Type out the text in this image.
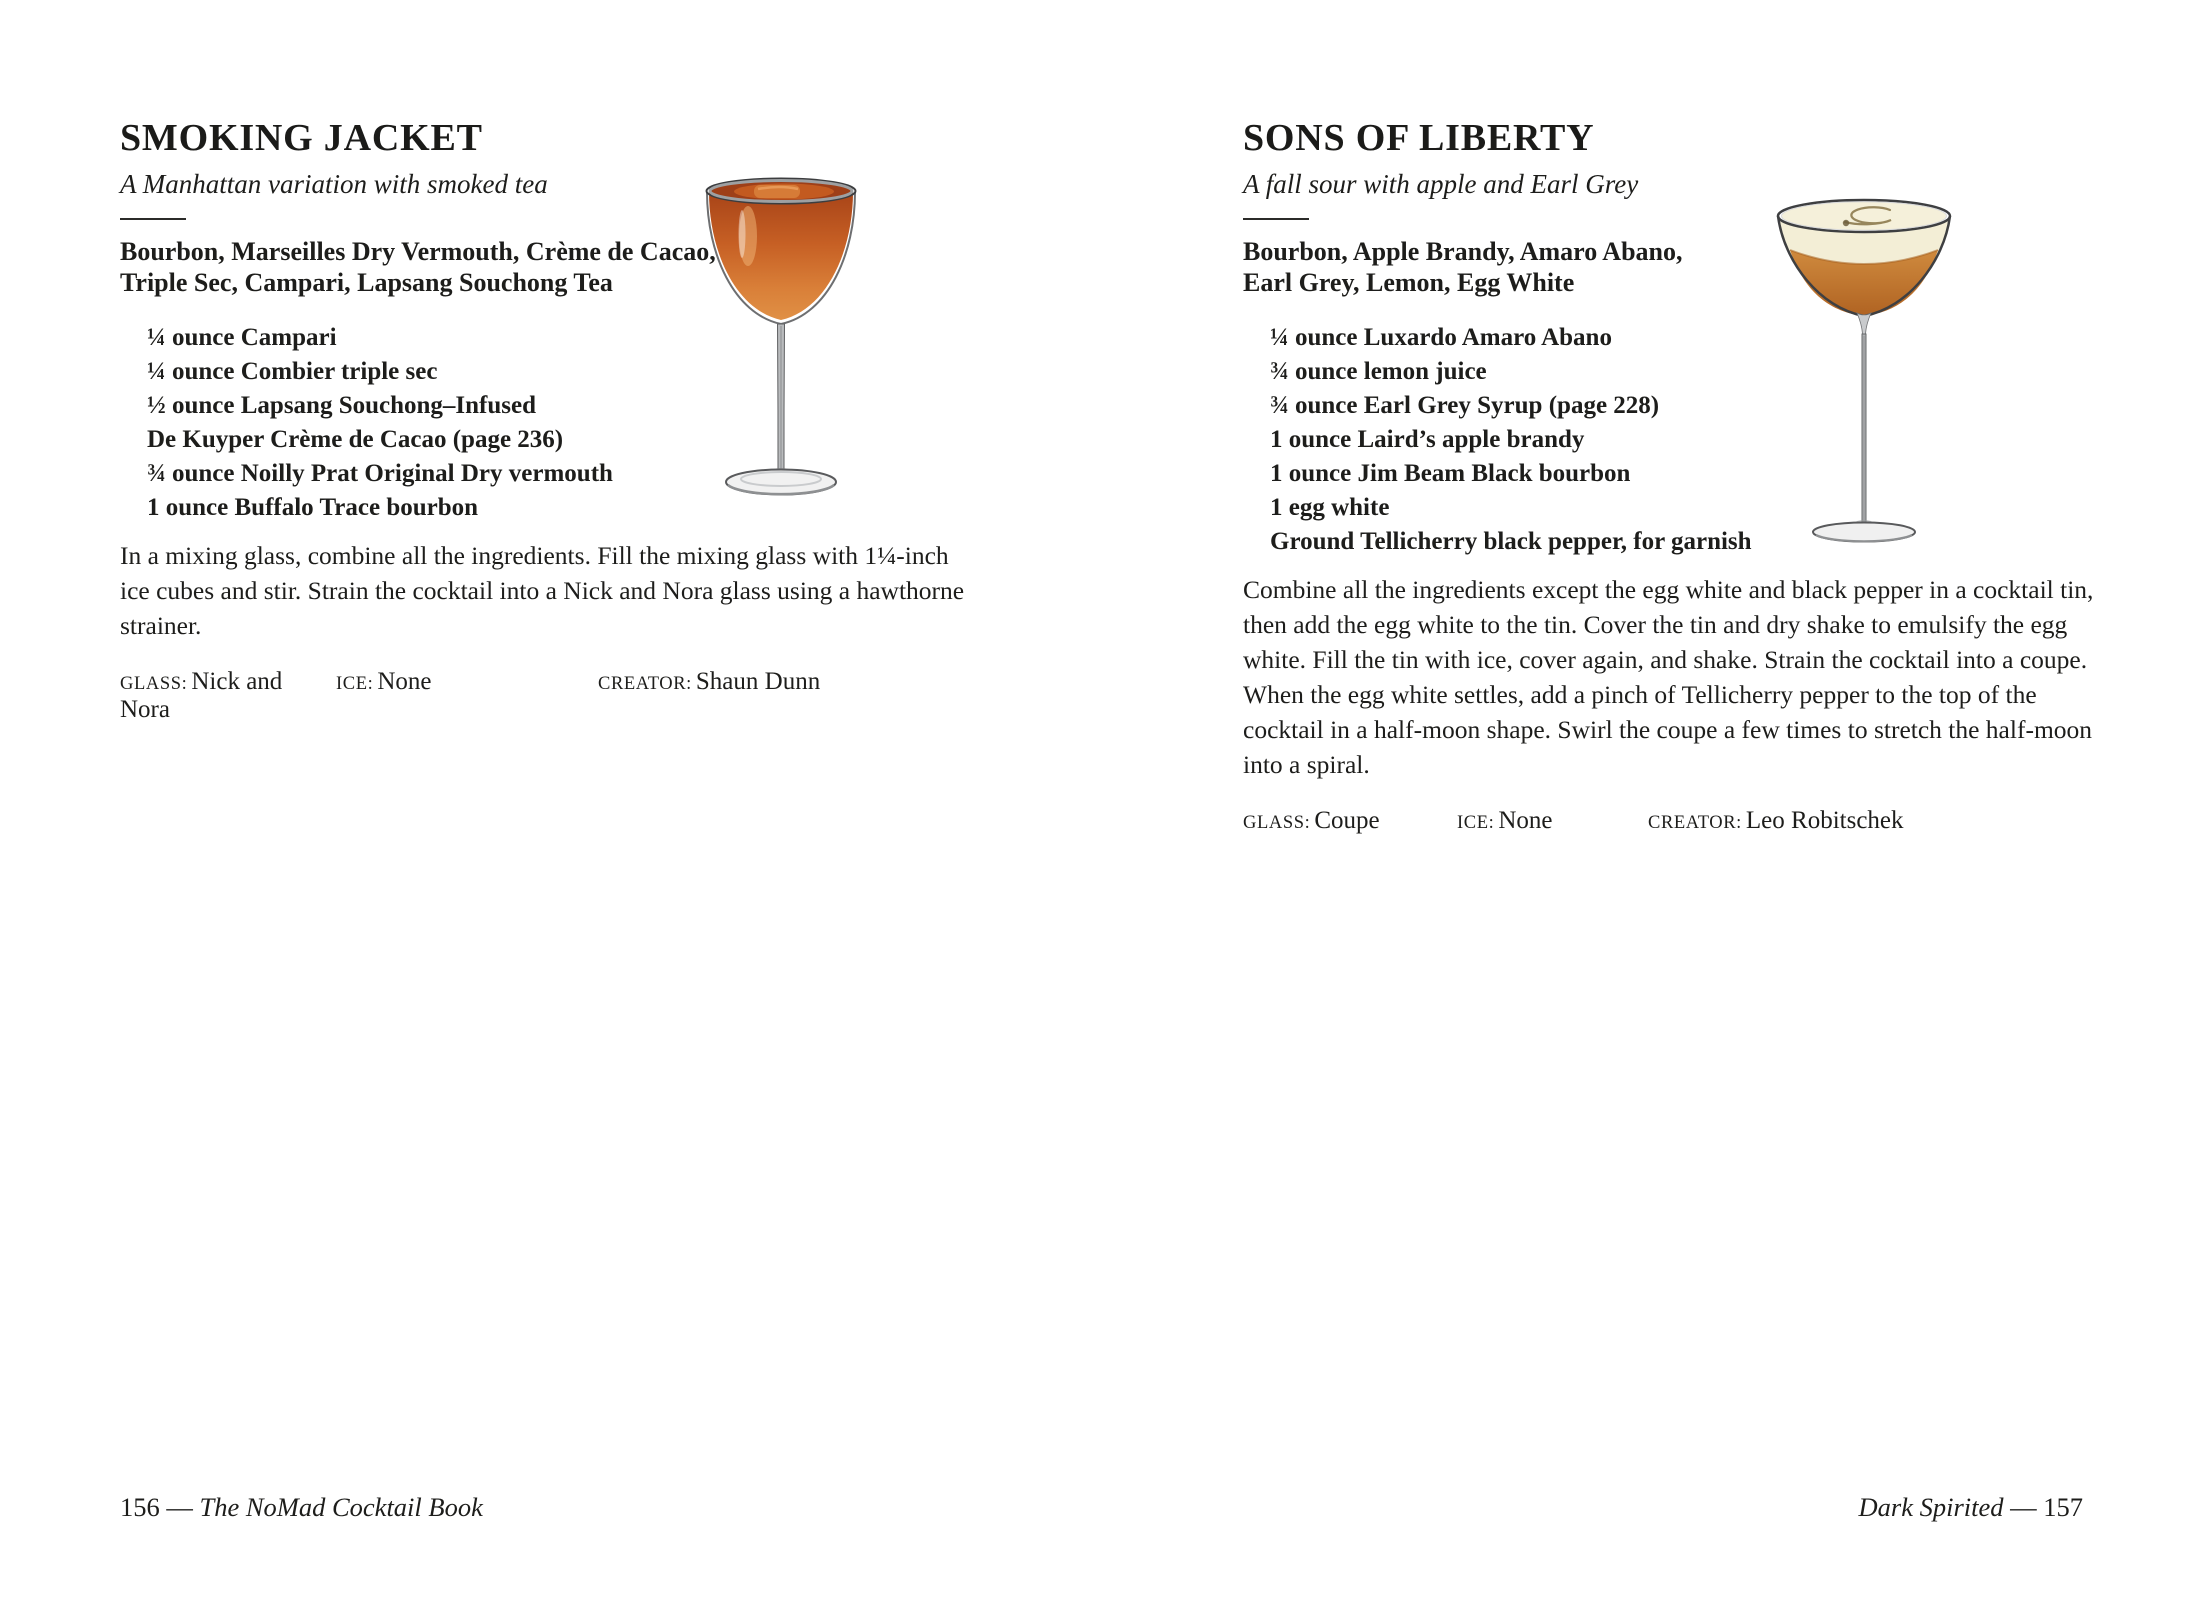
SMOKING JACKET

A Manhattan variation with smoked tea

Bourbon, Marseilles Dry Vermouth, Crème de Cacao,
Triple Sec, Campari, Lapsang Souchong Tea

¼ ounce Campari
¼ ounce Combier triple sec
½ ounce Lapsang Souchong–Infused
De Kuyper Crème de Cacao (page 236)
¾ ounce Noilly Prat Original Dry vermouth
1 ounce Buffalo Trace bourbon

In a mixing glass, combine all the ingredients. Fill the mixing glass with 1¼-inch ice cubes and stir. Strain the cocktail into a Nick and Nora glass using a hawthorne strainer.

GLASS: Nick and Nora
ICE: None	CREATOR: Shaun Dunn
SONS OF LIBERTY

A fall sour with apple and Earl Grey

Bourbon, Apple Brandy, Amaro Abano,
Earl Grey, Lemon, Egg White

¼ ounce Luxardo Amaro Abano
¾ ounce lemon juice
¾ ounce Earl Grey Syrup (page 228)
1 ounce Laird’s apple brandy
1 ounce Jim Beam Black bourbon
1 egg white
Ground Tellicherry black pepper, for garnish

Combine all the ingredients except the egg white and black pepper in a cocktail tin, then add the egg white to the tin. Cover the tin and dry shake to emulsify the egg white. Fill the tin with ice, cover again, and shake. Strain the cocktail into a coupe. When the egg white settles, add a pinch of Tellicherry pepper to the top of the cocktail in a half-moon shape. Swirl the coupe a few times to stretch the half-moon into a spiral.

GLASS: Coupe	ICE: None	CREATOR: Leo Robitschek
156 — The NoMad Cocktail Book	Dark Spirited — 157
